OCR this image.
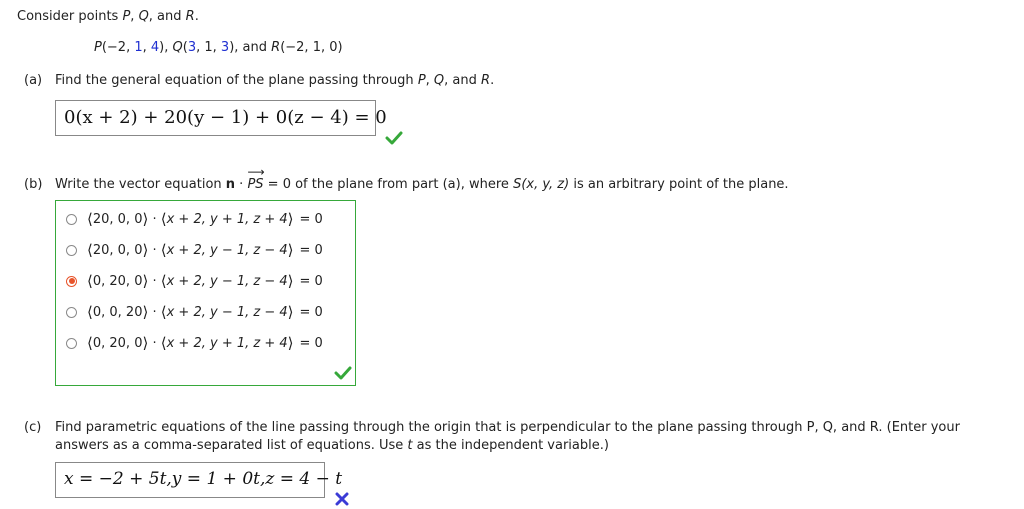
Consider points P, Q, and R.
P(−2, 1, 4), Q(3, 1, 3), and R(−2, 1, 0)
(a) Find the general equation of the plane passing through P, Q, and R.
0(x + 2) + 20(y − 1) + 0(z − 4) = 0
(b) Write the vector equation n · ⟶ PS = 0 of the plane from part (a), where S(x, y, z) is an arbitrary point of the plane.
⟨ 20, 0, 0 ⟩ · ⟨ x + 2, y + 1, z + 4 ⟩ = 0
⟨ 20, 0, 0 ⟩ · ⟨ x + 2, y − 1, z − 4 ⟩ = 0
⟨ 0, 20, 0 ⟩ · ⟨ x + 2, y − 1, z − 4 ⟩ = 0
⟨ 0, 0, 20 ⟩ · ⟨ x + 2, y − 1, z − 4 ⟩ = 0
⟨ 0, 20, 0 ⟩ · ⟨ x + 2, y + 1, z + 4 ⟩ = 0
(c) Find parametric equations of the line passing through the origin that is perpendicular to the plane passing through P, Q, and R. (Enter your
answers as a comma-separated list of equations. Use t as the independent variable.)
x = −2 + 5t,y = 1 + 0t,z = 4 − t
